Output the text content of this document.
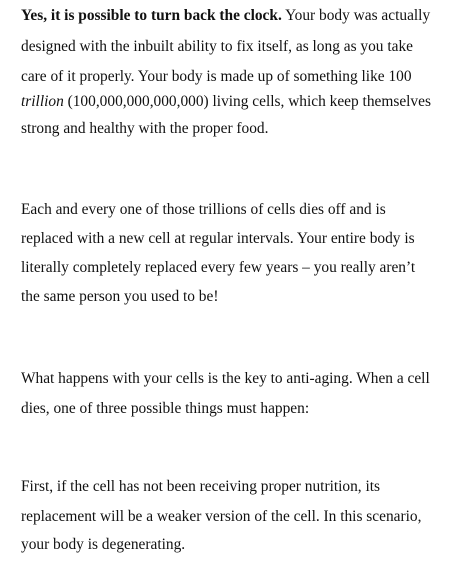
Yes, it is possible to turn back the clock. Your body was actually
designed with the inbuilt ability to fix itself, as long as you take
care of it properly. Your body is made up of something like 100
trillion (100,000,000,000,000) living cells, which keep themselves
strong and healthy with the proper food.
Each and every one of those trillions of cells dies off and is
replaced with a new cell at regular intervals. Your entire body is
literally completely replaced every few years – you really aren’t
the same person you used to be!
What happens with your cells is the key to anti-aging. When a cell
dies, one of three possible things must happen:
First, if the cell has not been receiving proper nutrition, its
replacement will be a weaker version of the cell. In this scenario,
your body is degenerating.
